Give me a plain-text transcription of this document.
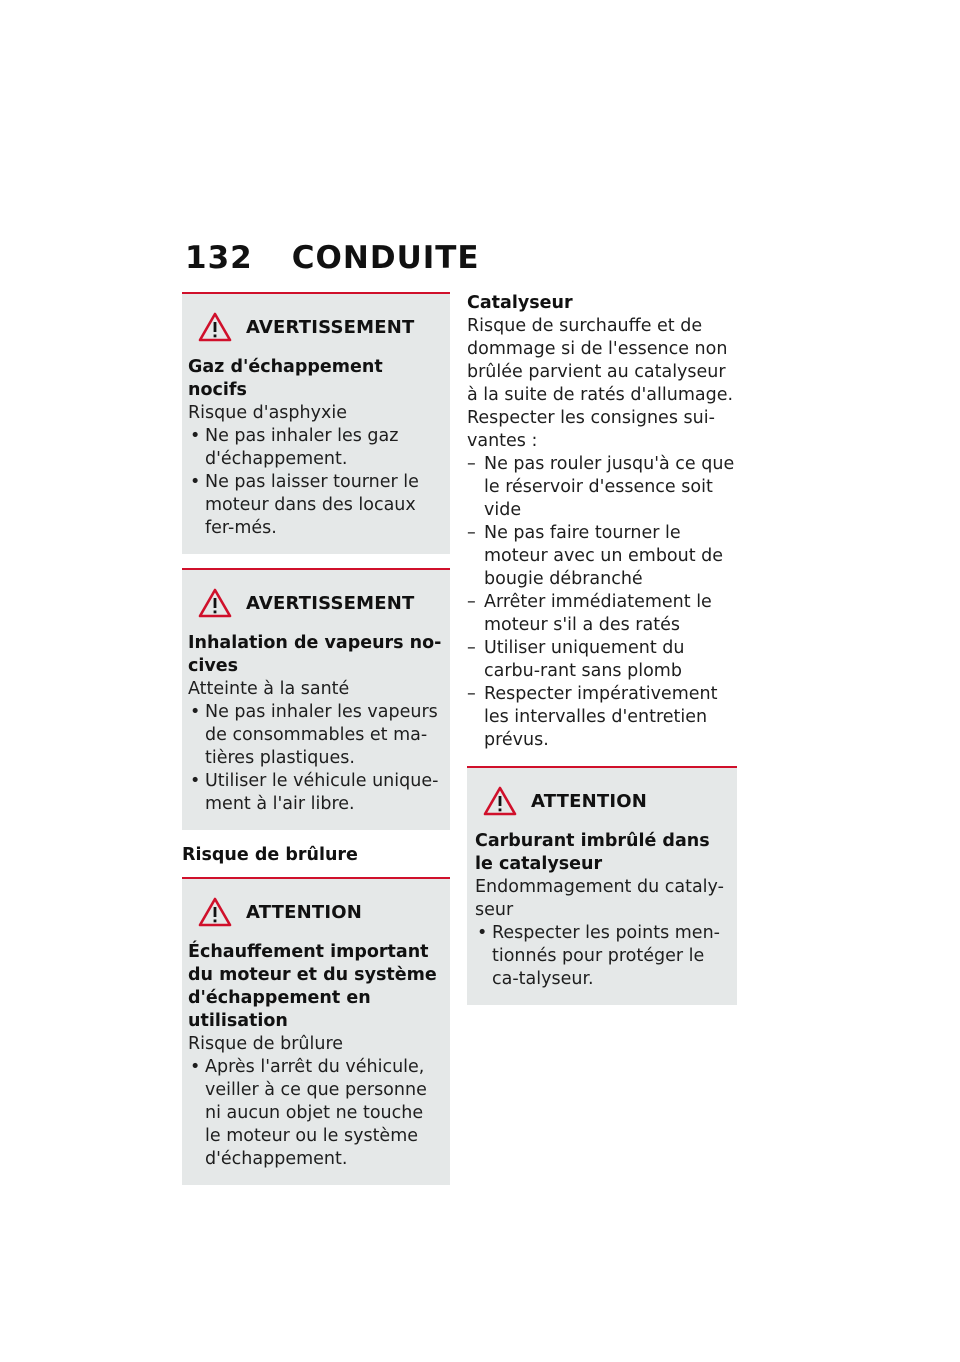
132 CONDUITE
AVERTISSEMENT
Gaz d'échappement nocifs
Risque d'asphyxie
• Ne pas inhaler les gaz d'échappement.
• Ne pas laisser tourner le moteur dans des locaux fer-més.
AVERTISSEMENT
Inhalation de vapeurs no-cives
Atteinte à la santé
• Ne pas inhaler les vapeurs de consommables et ma-tières plastiques.
• Utiliser le véhicule unique-ment à l'air libre.
Risque de brûlure
ATTENTION
Échauffement important du moteur et du système d'échappement en utilisation
Risque de brûlure
• Après l'arrêt du véhicule, veiller à ce que personne ni aucun objet ne touche le moteur ou le système d'échappement.
Catalyseur
Risque de surchauffe et de dommage si de l'essence non brûlée parvient au catalyseur à la suite de ratés d'allumage. Respecter les consignes sui-vantes :
– Ne pas rouler jusqu'à ce que le réservoir d'essence soit vide
– Ne pas faire tourner le moteur avec un embout de bougie débranché
– Arrêter immédiatement le moteur s'il a des ratés
– Utiliser uniquement du carbu-rant sans plomb
– Respecter impérativement les intervalles d'entretien prévus.
ATTENTION
Carburant imbrûlé dans le catalyseur
Endommagement du cataly-seur
• Respecter les points men-tionnés pour protéger le ca-talyseur.
